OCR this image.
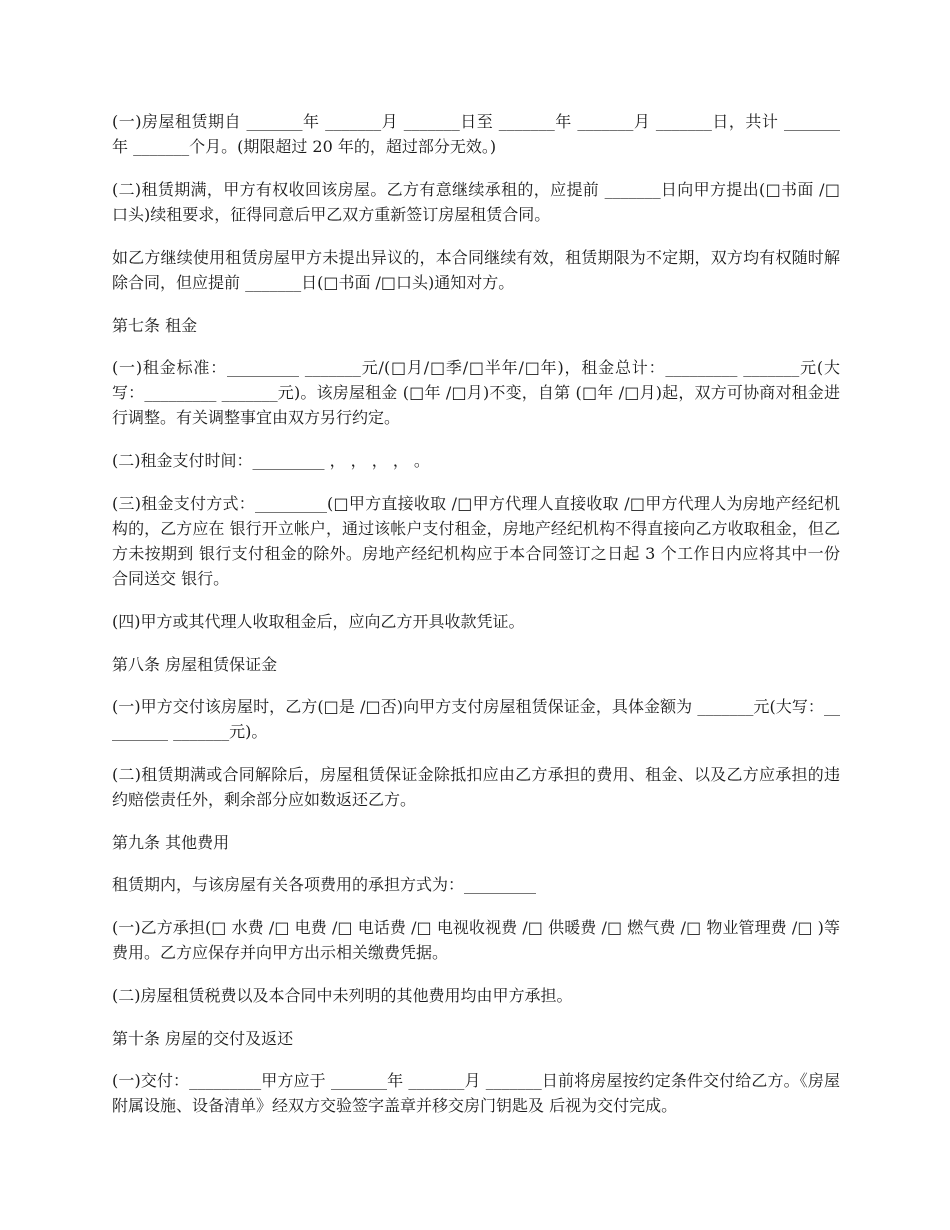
(一)房屋租赁期自 _______年 _______月 _______日至 _______年 _______月 _______日，共计 _______年 _______个月。(期限超过 20 年的，超过部分无效。)

(二)租赁期满，甲方有权收回该房屋。乙方有意继续承租的，应提前 _______日向甲方提出(□书面 /□口头)续租要求，征得同意后甲乙双方重新签订房屋租赁合同。

如乙方继续使用租赁房屋甲方未提出异议的，本合同继续有效，租赁期限为不定期，双方均有权随时解除合同，但应提前 _______日(□书面 /□口头)通知对方。

第七条 租金

(一)租金标准：_________ _______元/(□月/□季/□半年/□年)，租金总计：_________ _______元(大写：_________ _______元)。该房屋租金 (□年 /□月)不变，自第 (□年 /□月)起，双方可协商对租金进行调整。有关调整事宜由双方另行约定。

(二)租金支付时间：_________ ， ， ， ， 。

(三)租金支付方式：_________(□甲方直接收取 /□甲方代理人直接收取 /□甲方代理人为房地产经纪机构的，乙方应在 银行开立帐户，通过该帐户支付租金，房地产经纪机构不得直接向乙方收取租金，但乙方未按期到 银行支付租金的除外。房地产经纪机构应于本合同签订之日起 3 个工作日内应将其中一份合同送交 银行。

(四)甲方或其代理人收取租金后，应向乙方开具收款凭证。

第八条 房屋租赁保证金

(一)甲方交付该房屋时，乙方(□是 /□否)向甲方支付房屋租赁保证金，具体金额为 _______元(大写：_________ _______元)。

(二)租赁期满或合同解除后，房屋租赁保证金除抵扣应由乙方承担的费用、租金、以及乙方应承担的违约赔偿责任外，剩余部分应如数返还乙方。

第九条 其他费用

租赁期内，与该房屋有关各项费用的承担方式为：_________

(一)乙方承担(□ 水费 /□ 电费 /□ 电话费 /□ 电视收视费 /□ 供暖费 /□ 燃气费 /□ 物业管理费 /□ )等费用。乙方应保存并向甲方出示相关缴费凭据。

(二)房屋租赁税费以及本合同中未列明的其他费用均由甲方承担。

第十条 房屋的交付及返还

(一)交付：_________甲方应于 _______年 _______月 _______日前将房屋按约定条件交付给乙方。《房屋附属设施、设备清单》经双方交验签字盖章并移交房门钥匙及 后视为交付完成。
